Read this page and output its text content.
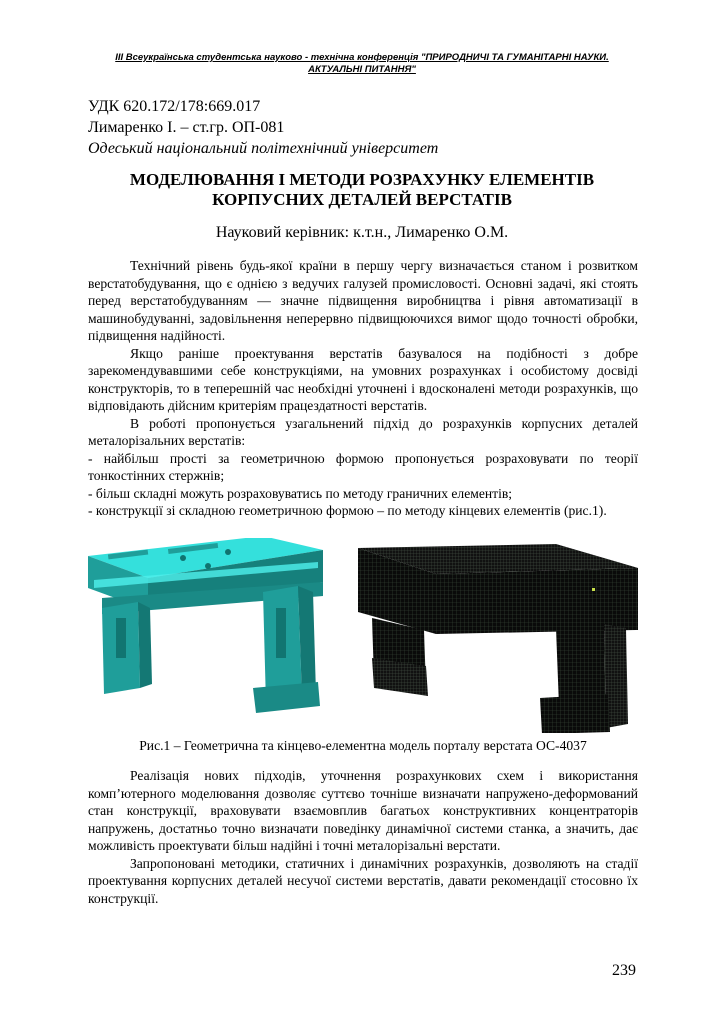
III Всеукраїнська студентська науково - технічна конференція "ПРИРОДНИЧІ ТА ГУМАНІТАРНІ НАУКИ.
АКТУАЛЬНІ ПИТАННЯ"
УДК 620.172/178:669.017
Лимаренко І. – ст.гр. ОП-081
Одеський національний політехнічний університет
МОДЕЛЮВАННЯ І МЕТОДИ РОЗРАХУНКУ ЕЛЕМЕНТІВ
КОРПУСНИХ ДЕТАЛЕЙ ВЕРСТАТІВ
Науковий керівник: к.т.н., Лимаренко О.М.

Технічний рівень будь-якої країни в першу чергу визначається станом і розвитком верстатобудування, що є однією з ведучих галузей промисловості. Основні задачі, які стоять перед верстатобудуванням — значне підвищення виробництва і рівня автоматизації в машинобудуванні, задовільнення неперервно підвищюючихся вимог щодо точності обробки, підвищення надійності.

Якщо раніше проектування верстатів базувалося на подібності з добре зарекомендувавшими себе конструкціями, на умовних розрахунках і особистому досвіді конструкторів, то в теперешній час необхідні уточнені і вдосконалені методи розрахунків, що відповідають дійсним критеріям працездатності верстатів.

В роботі пропонується узагальнений підхід до розрахунків корпусних деталей металорізальних верстатів:

- найбільш прості за геометричною формою пропонується розраховувати по теорії тонкостінних стержнів;

- більш складні можуть розраховуватись по методу граничних елементів;

- конструкції зі складною геометричною формою – по методу кінцевих елементів (рис.1).

Рис.1 – Геометрична та кінцево-елементна модель порталу верстата ОС-4037

Реалізація нових підходів, уточнення розрахункових схем і використання комп’ютерного моделювання дозволяє суттєво точніше визначати напружено-деформований стан конструкції, враховувати взаємовплив багатьох конструктивних концентраторів напружень, достатньо точно визначати поведінку динамічної системи станка, а значить, дає можливість проектувати більш надійні і точні металорізальні верстати.

Запропоновані методики, статичних і динамічних розрахунків, дозволяють на стадії проектування корпусних деталей несучої системи верстатів, давати рекомендації стосовно їх конструкції.

239
